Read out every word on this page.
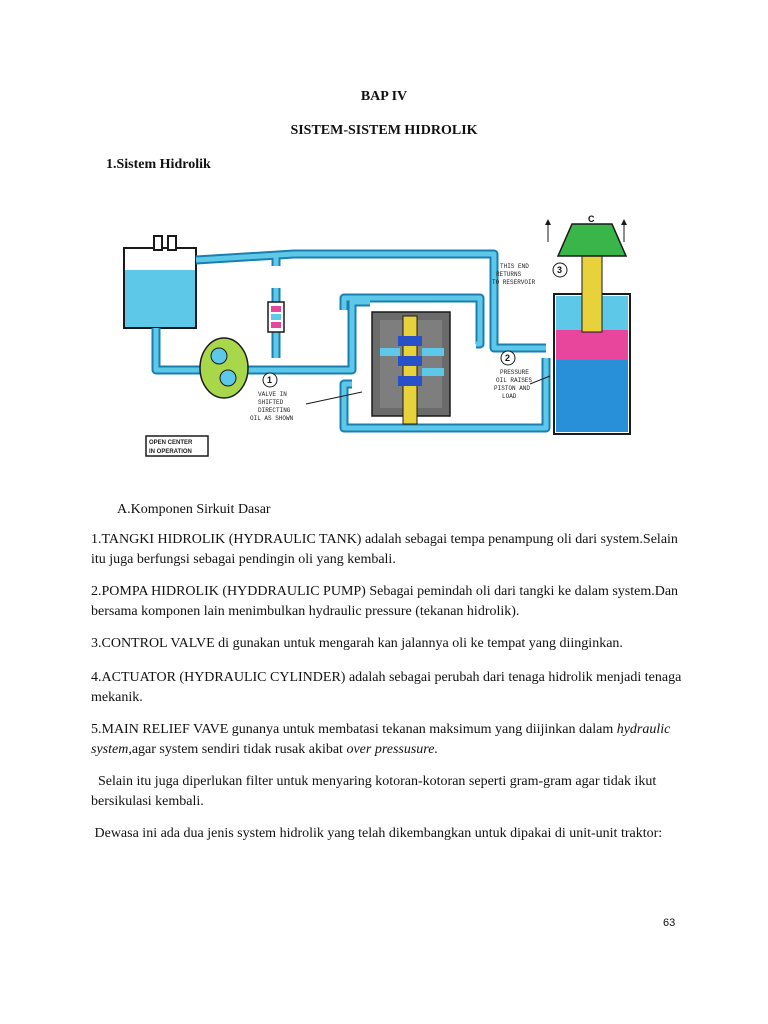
BAP IV
SISTEM-SISTEM HIDROLIK
1.Sistem Hidrolik
C
3
THIS END
RETURNS
TO RESERVOIR
2
PRESSURE
OIL RAISES
PISTON AND
LOAD
1
VALVE IN
SHIFTED
DIRECTING
OIL AS SHOWN
OPEN CENTER
IN OPERATION
A.Komponen Sirkuit Dasar
1.TANGKI HIDROLIK (HYDRAULIC TANK) adalah sebagai tempa penampung oli dari system.Selain itu juga berfungsi sebagai pendingin oli yang kembali.
2.POMPA HIDROLIK (HYDDRAULIC PUMP) Sebagai pemindah oli dari tangki ke dalam system.Dan bersama komponen lain menimbulkan hydraulic pressure (tekanan hidrolik).
3.CONTROL VALVE di gunakan untuk mengarah kan jalannya oli ke tempat yang diinginkan.
4.ACTUATOR (HYDRAULIC CYLINDER) adalah sebagai perubah dari tenaga hidrolik menjadi tenaga mekanik.
5.MAIN RELIEF VAVE gunanya untuk membatasi tekanan maksimum yang diijinkan dalam hydraulic system,agar system sendiri tidak rusak akibat over pressusure.
Selain itu juga diperlukan filter untuk menyaring kotoran-kotoran seperti gram-gram agar tidak ikut bersikulasi kembali.
Dewasa ini ada dua jenis system hidrolik yang telah dikembangkan untuk dipakai di unit-unit traktor:
63
